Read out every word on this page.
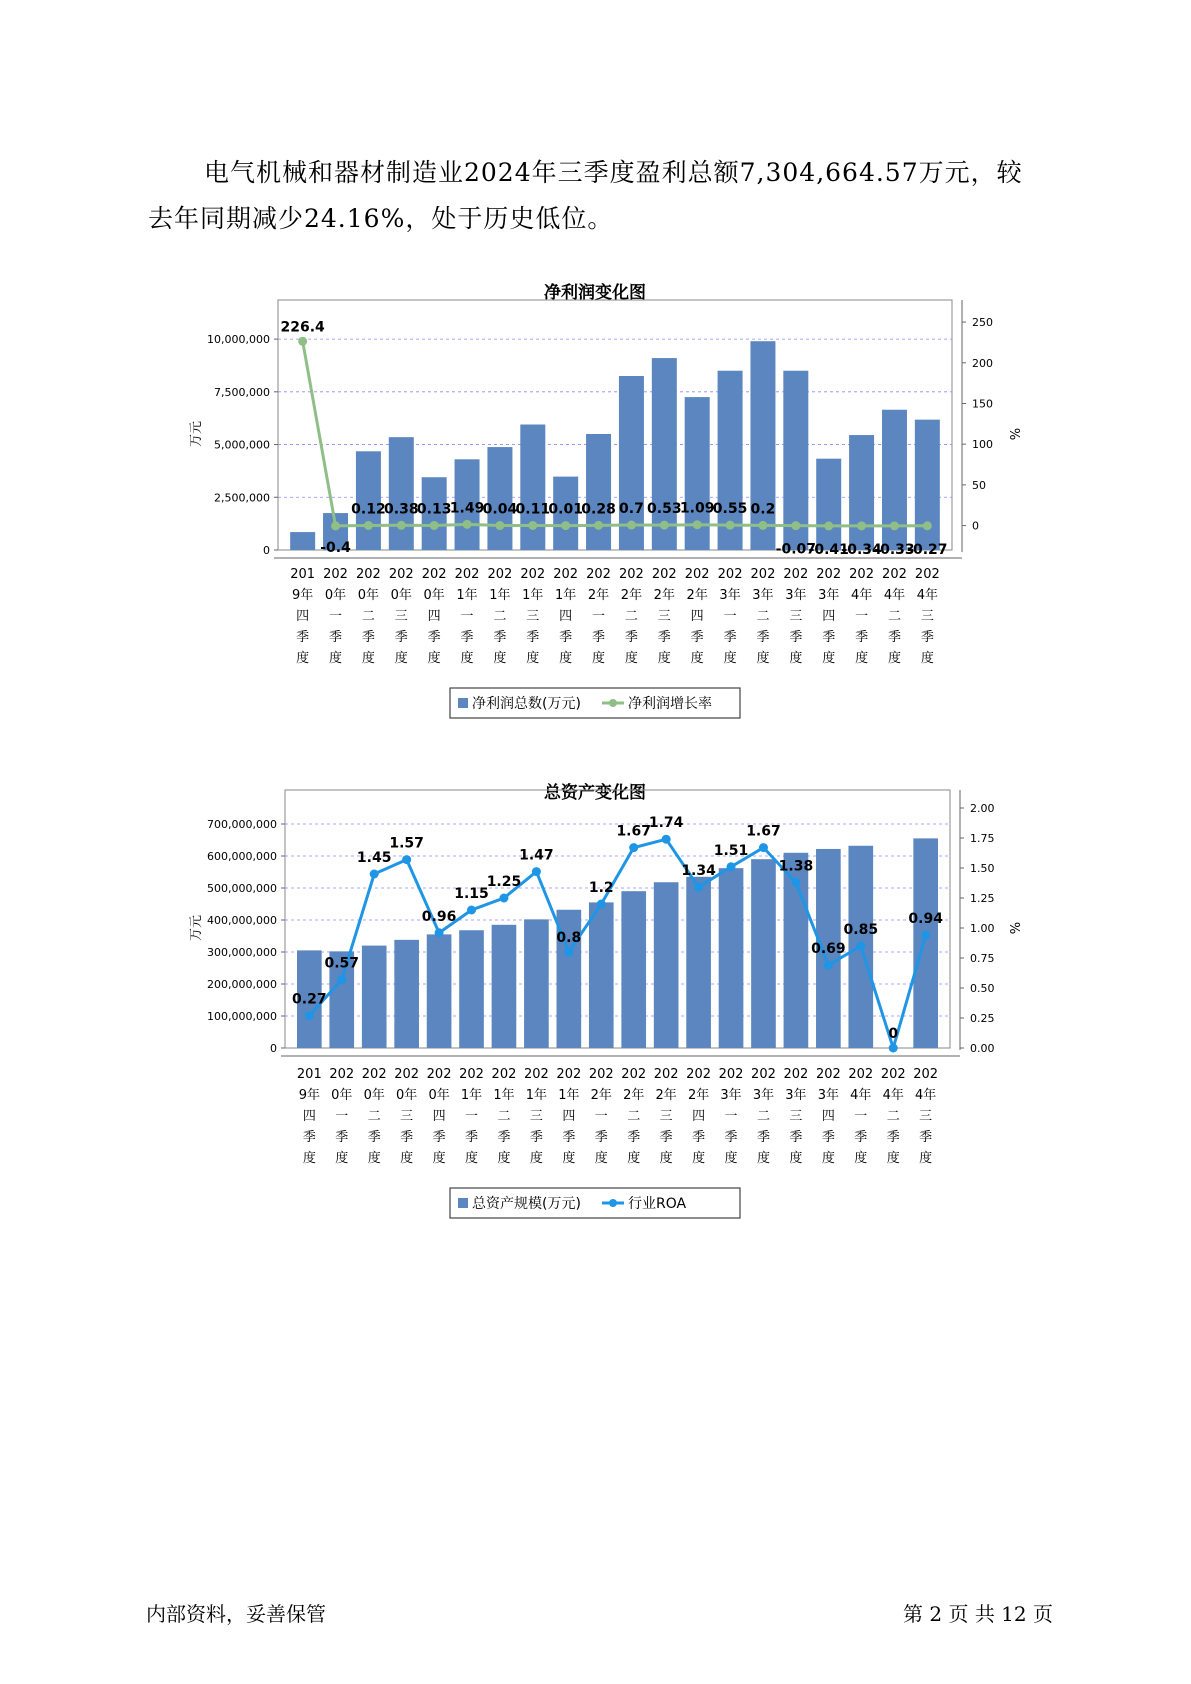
电气机械和器材制造业2024年三季度盈利总额7,304,664.57万元，较去年同期减少24.16%，处于历史低位。

净利润变化图
0
2,500,000
5,000,000
7,500,000
10,000,000
0
50
100
150
200
250
万元	%
201
9年
四
季
度
202
0年
一
季
度
202
0年
二
季
度
202
0年
三
季
度
202
0年
四
季
度
202
1年
一
季
度
202
1年
二
季
度
202
1年
三
季
度
202
1年
四
季
度
202
2年
一
季
度
202
2年
二
季
度
202
2年
三
季
度
202
2年
四
季
度
202
3年
一
季
度
202
3年
二
季
度
202
3年
三
季
度
202
3年
四
季
度
202
4年
一
季
度
202
4年
二
季
度
202
4年
三
季
度
226.4
-0.4
0.12
0.38
0.13
1.49
0.04
0.11
0.01
0.28 0.7 0.53
1.09
0.55 0.2
-0.07
-0.41
-0.34
-0.33
-0.27
净利润总数(万元)	净利润增长率
总资产变化图
0
100,000,000
200,000,000
300,000,000
400,000,000
500,000,000
600,000,000
700,000,000
0.00
0.25
0.50
0.75
1.00
1.25
1.50
1.75
2.00
万元	%
201
9年
四
季
度
202
0年
一
季
度
202
0年
二
季
度
202
0年
三
季
度
202
0年
四
季
度
202
1年
一
季
度
202
1年
二
季
度
202
1年
三
季
度
202
1年
四
季
度
202
2年
一
季
度
202
2年
二
季
度
202
2年
三
季
度
202
2年
四
季
度
202
3年
一
季
度
202
3年
二
季
度
202
3年
三
季
度
202
3年
四
季
度
202
4年
一
季
度
202
4年
二
季
度
202
4年
三
季
度
0.27
0.57
1.45
1.57
0.96
1.15
1.25
1.47
0.8
1.2
1.67
1.74
1.34
1.51
1.67
1.38
0.69
0.85
0
0.94
总资产规模(万元)	行业ROA
内部资料，妥善保管	第 2 页 共 12 页
